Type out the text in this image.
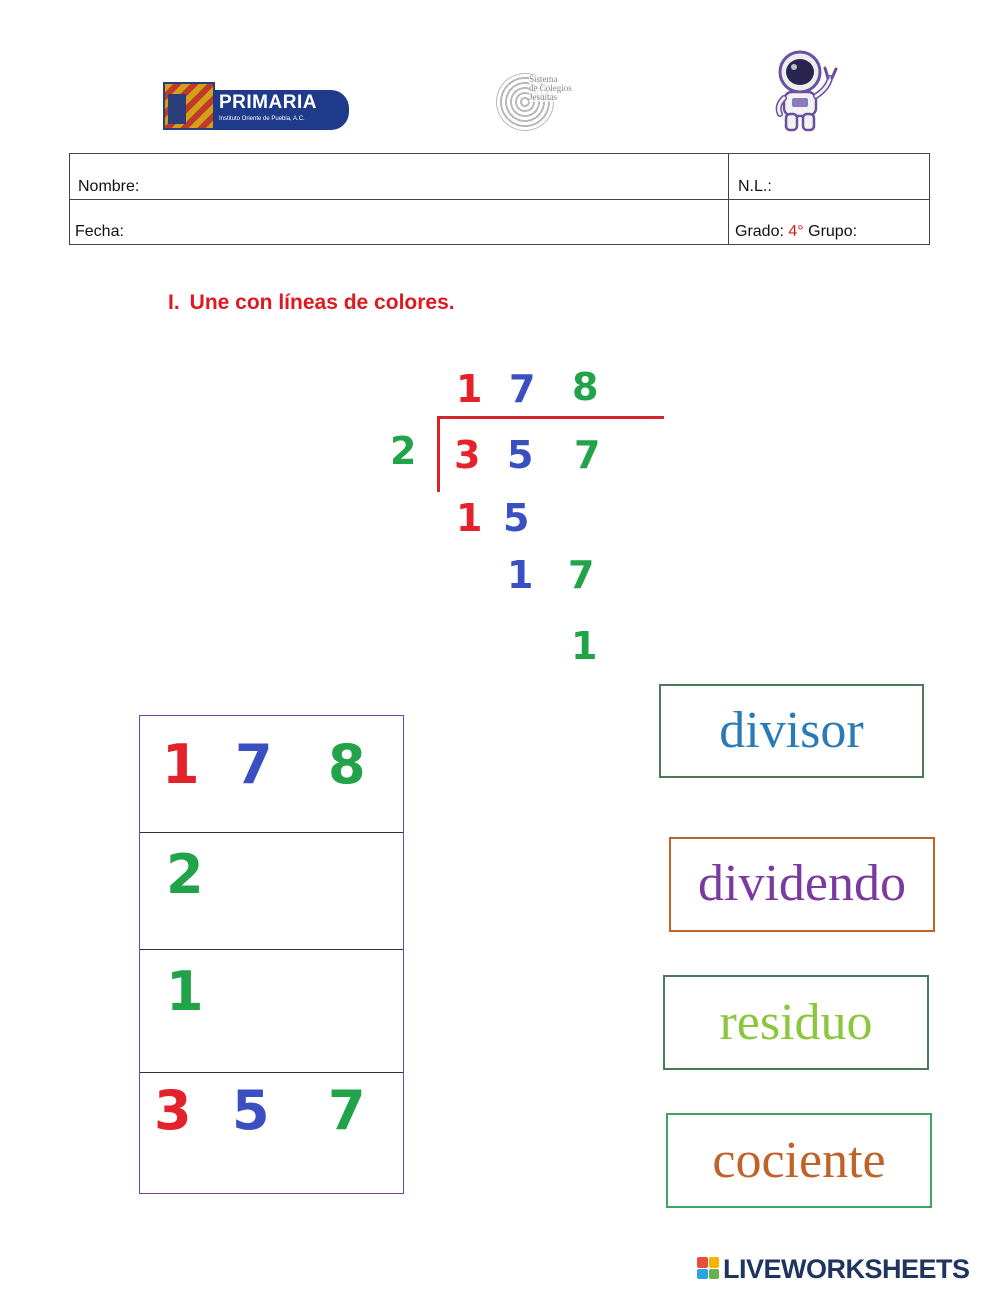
PRIMARIA
Instituto Oriente de Puebla, A.C.
Sistema
de Colegios
Jesuitas
Nombre:	N.L.:
Fecha:	Grado: 4° Grupo:
I. Une con líneas de colores.
1 7 8
2 3 5 7
1 5
1 7
1
1 7 8
2
1
3 5 7
divisor
dividendo
residuo
cociente
LIVEWORKSHEETS
